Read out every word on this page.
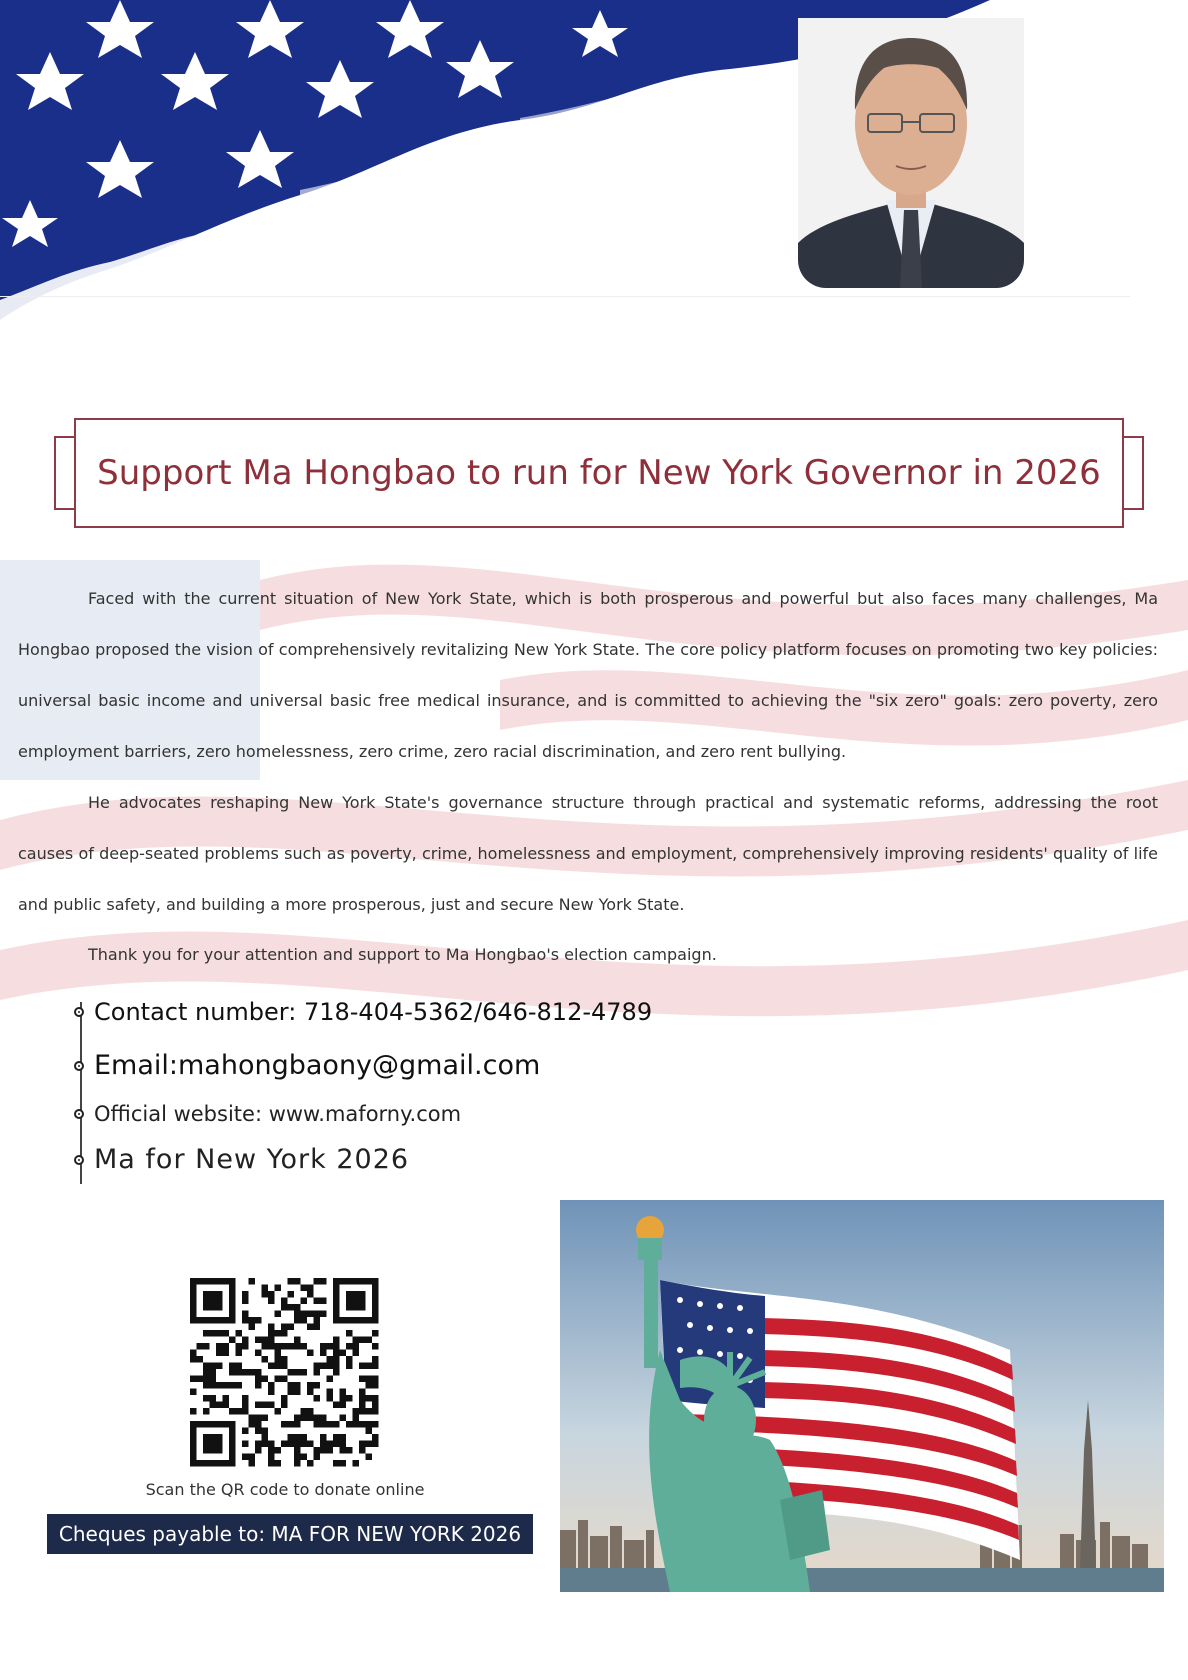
Support Ma Hongbao to run for New York Governor in 2026
Faced with the current situation of New York State, which is both prosperous and powerful but also faces many challenges, Ma Hongbao proposed the vision of comprehensively revitalizing New York State. The core policy platform focuses on promoting two key policies: universal basic income and universal basic free medical insurance, and is committed to achieving the "six zero" goals: zero poverty, zero employment barriers, zero homelessness, zero crime, zero racial discrimination, and zero rent bullying.
He advocates reshaping New York State's governance structure through practical and systematic reforms, addressing the root causes of deep-seated problems such as poverty, crime, homelessness and employment, comprehensively improving residents' quality of life and public safety, and building a more prosperous, just and secure New York State.
Thank you for your attention and support to Ma Hongbao's election campaign.
Contact number: 718-404-5362/646-812-4789
Email:mahongbaony@gmail.com
Official website: www.maforny.com
Ma for New York 2026
Scan the QR code to donate online
Cheques payable to: MA FOR NEW YORK 2026
